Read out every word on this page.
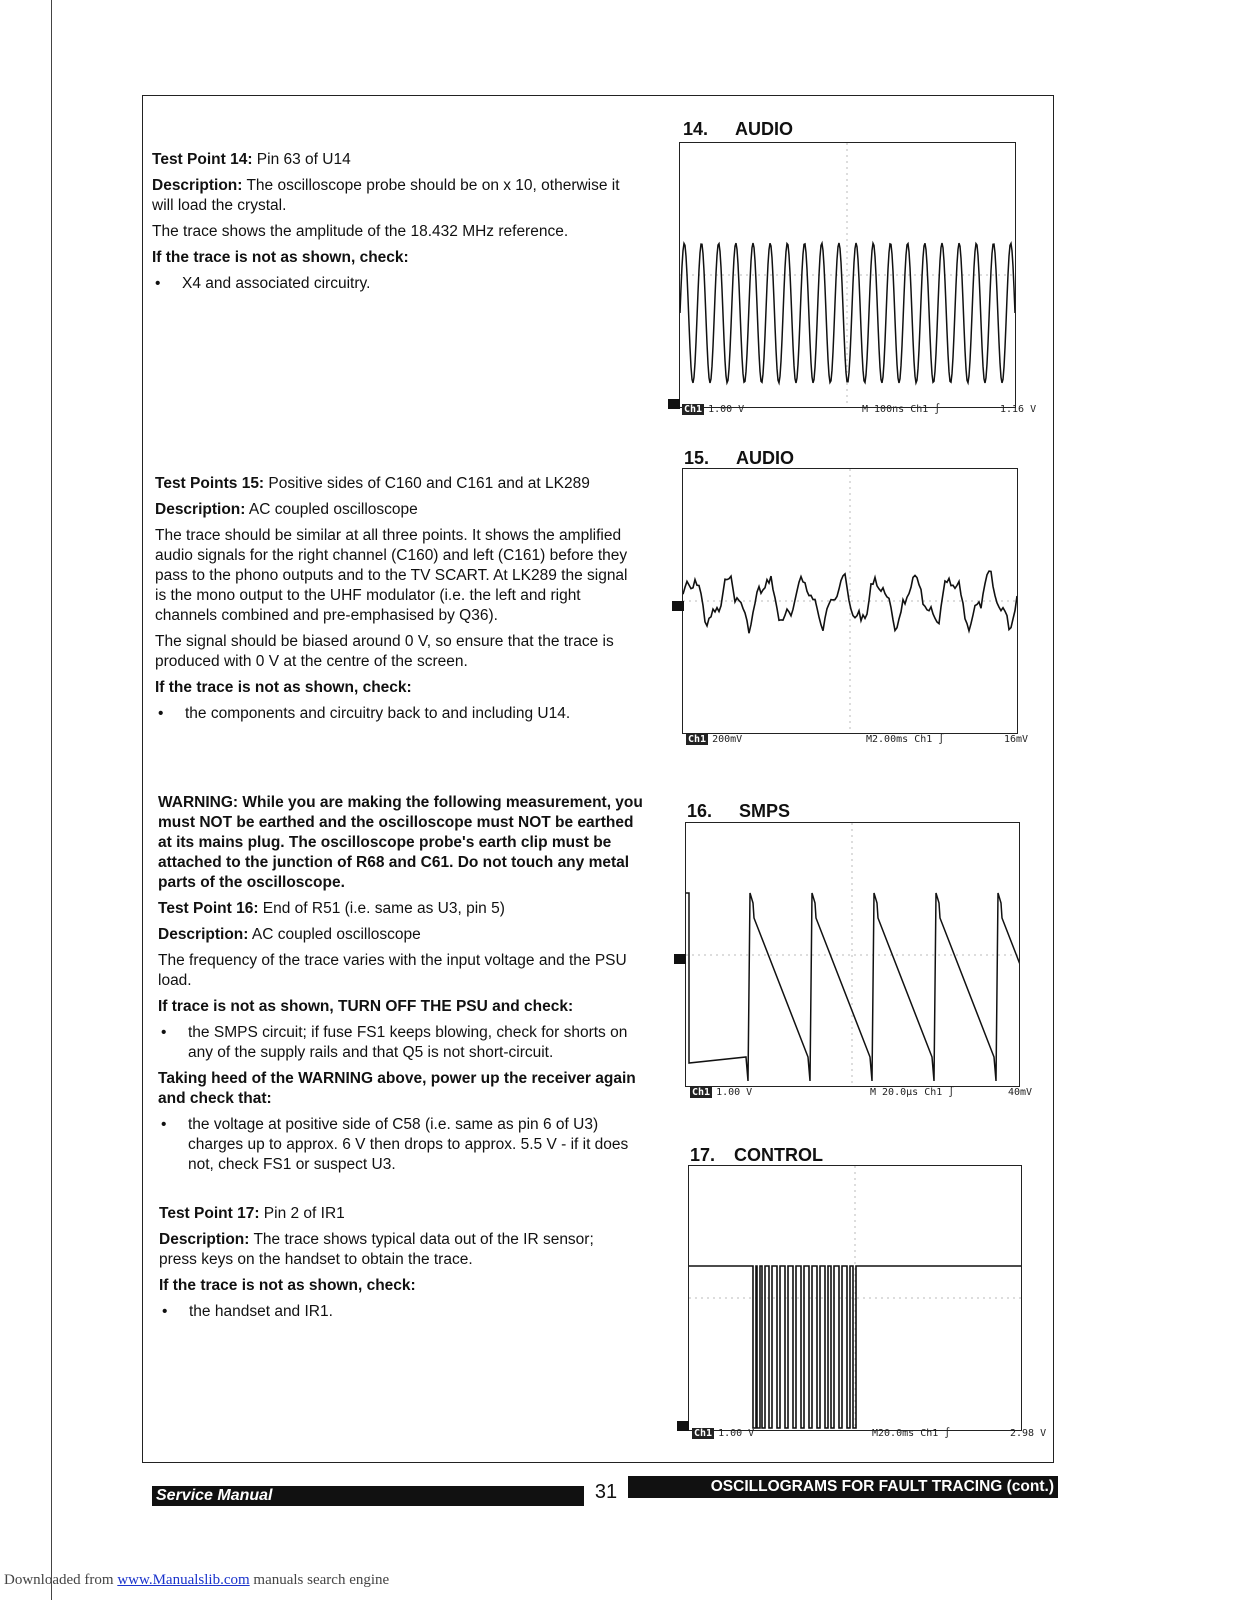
Test Point 14: Pin 63 of U14

Description: The oscilloscope probe should be on x 10, otherwise it will load the crystal.

The trace shows the amplitude of the 18.432 MHz reference.

If the trace is not as shown, check:

• X4 and associated circuitry.

Test Points 15: Positive sides of C160 and C161 and at LK289

Description: AC coupled oscilloscope

The trace should be similar at all three points. It shows the amplified audio signals for the right channel (C160) and left (C161) before they pass to the phono outputs and to the TV SCART. At LK289 the signal is the mono output to the UHF modulator (i.e. the left and right channels combined and pre-emphasised by Q36).

The signal should be biased around 0 V, so ensure that the trace is produced with 0 V at the centre of the screen.

If the trace is not as shown, check:

• the components and circuitry back to and including U14.

WARNING: While you are making the following measurement, you must NOT be earthed and the oscilloscope must NOT be earthed at its mains plug. The oscilloscope probe's earth clip must be attached to the junction of R68 and C61. Do not touch any metal parts of the oscilloscope.

Test Point 16: End of R51 (i.e. same as U3, pin 5)

Description: AC coupled oscilloscope

The frequency of the trace varies with the input voltage and the PSU load.

If trace is not as shown, TURN OFF THE PSU and check:

• the SMPS circuit; if fuse FS1 keeps blowing, check for shorts on any of the supply rails and that Q5 is not short-circuit.

Taking heed of the WARNING above, power up the receiver again and check that:

• the voltage at positive side of C58 (i.e. same as pin 6 of U3) charges up to approx. 6 V then drops to approx. 5.5 V - if it does not, check FS1 or suspect U3.

Test Point 17: Pin 2 of IR1

Description: The trace shows typical data out of the IR sensor; press keys on the handset to obtain the trace.

If the trace is not as shown, check:

• the handset and IR1.
14. AUDIO
Ch1 1.00 V	M 100ns Ch1 ∫	1.16 V
15. AUDIO
Ch1 200mV	M2.00ms Ch1 ∫	16mV
16. SMPS
Ch1 1.00 V	M 20.0µs Ch1 ∫	40mV
17. CONTROL
Ch1 1.00 V	M20.0ms Ch1 ∫	2.98 V
Service Manual	31	OSCILLOGRAMS FOR FAULT TRACING (cont.)
Downloaded from www.Manualslib.com manuals search engine
